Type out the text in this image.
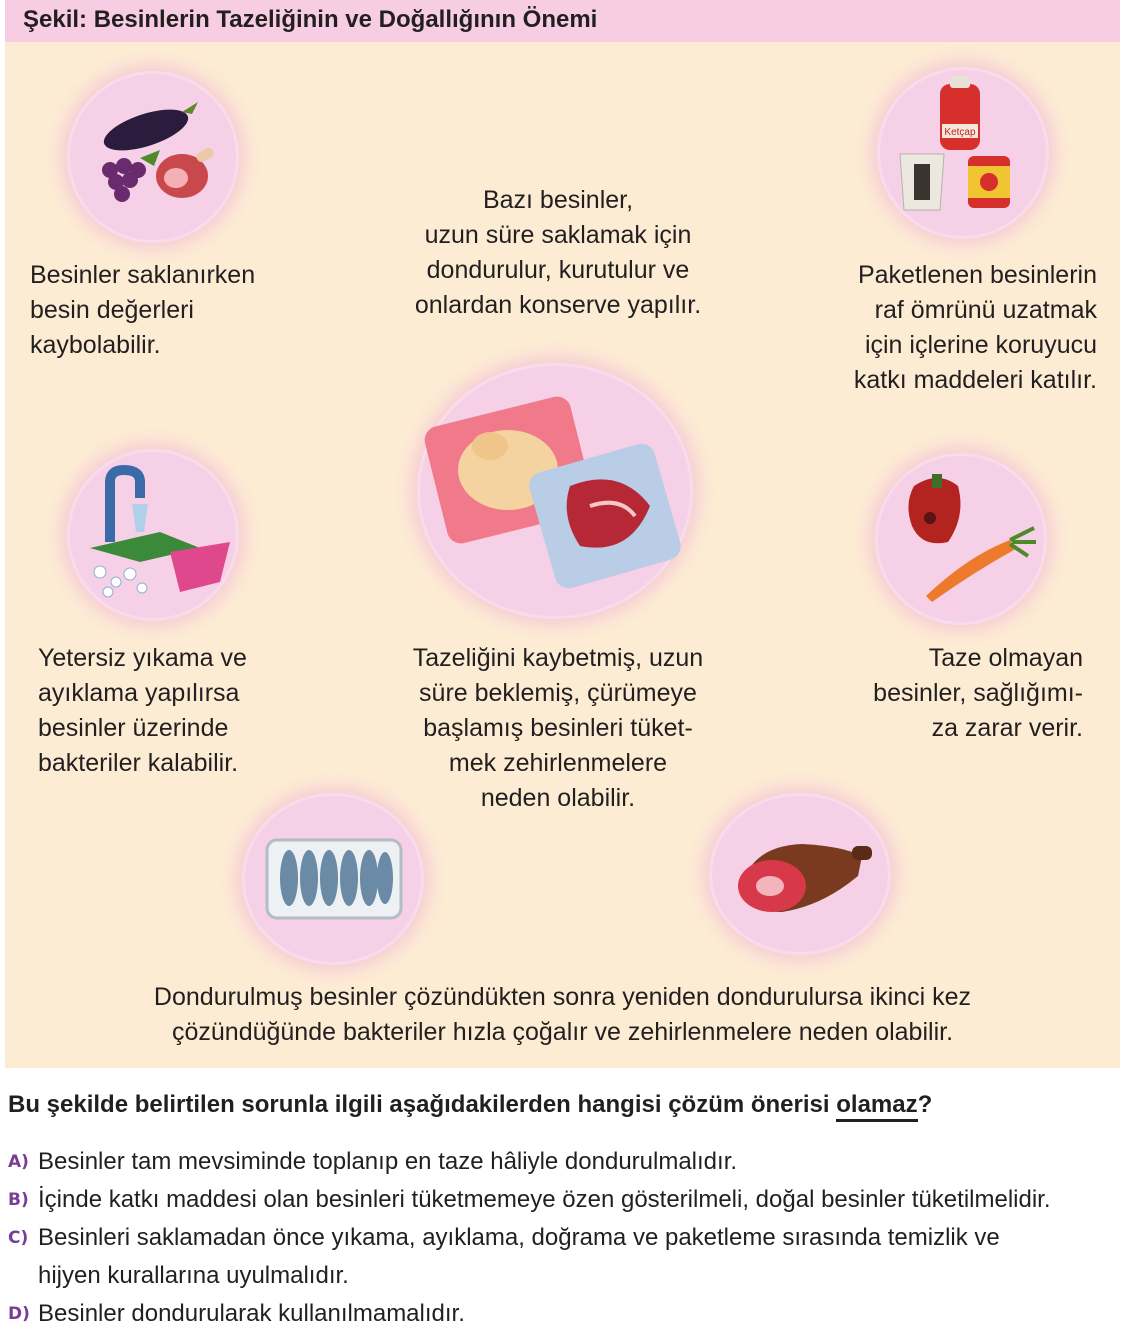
Şekil: Besinlerin Tazeliğinin ve Doğallığının Önemi
Ketçap
Besinler saklanırken
besin değerleri
kaybolabilir.
Bazı besinler,
uzun süre saklamak için
dondurulur, kurutulur ve
onlardan konserve yapılır.
Paketlenen besinlerin
raf ömrünü uzatmak
için içlerine koruyucu
katkı maddeleri katılır.
Yetersiz yıkama ve
ayıklama yapılırsa
besinler üzerinde
bakteriler kalabilir.
Tazeliğini kaybetmiş, uzun
süre beklemiş, çürümeye
başlamış besinleri tüket-
mek zehirlenmelere
neden olabilir.
Taze olmayan
besinler, sağlığımı-
za zarar verir.
Dondurulmuş besinler çözündükten sonra yeniden dondurulursa ikinci kez
çözündüğünde bakteriler hızla çoğalır ve zehirlenmelere neden olabilir.
Bu şekilde belirtilen sorunla ilgili aşağıdakilerden hangisi çözüm önerisi olamaz?
A) Besinler tam mevsiminde toplanıp en taze hâliyle dondurulmalıdır.
B) İçinde katkı maddesi olan besinleri tüketmemeye özen gösterilmeli, doğal besinler tüketilmelidir.
C) Besinleri saklamadan önce yıkama, ayıklama, doğrama ve paketleme sırasında temizlik ve
hijyen kurallarına uyulmalıdır.
D) Besinler dondurularak kullanılmamalıdır.
